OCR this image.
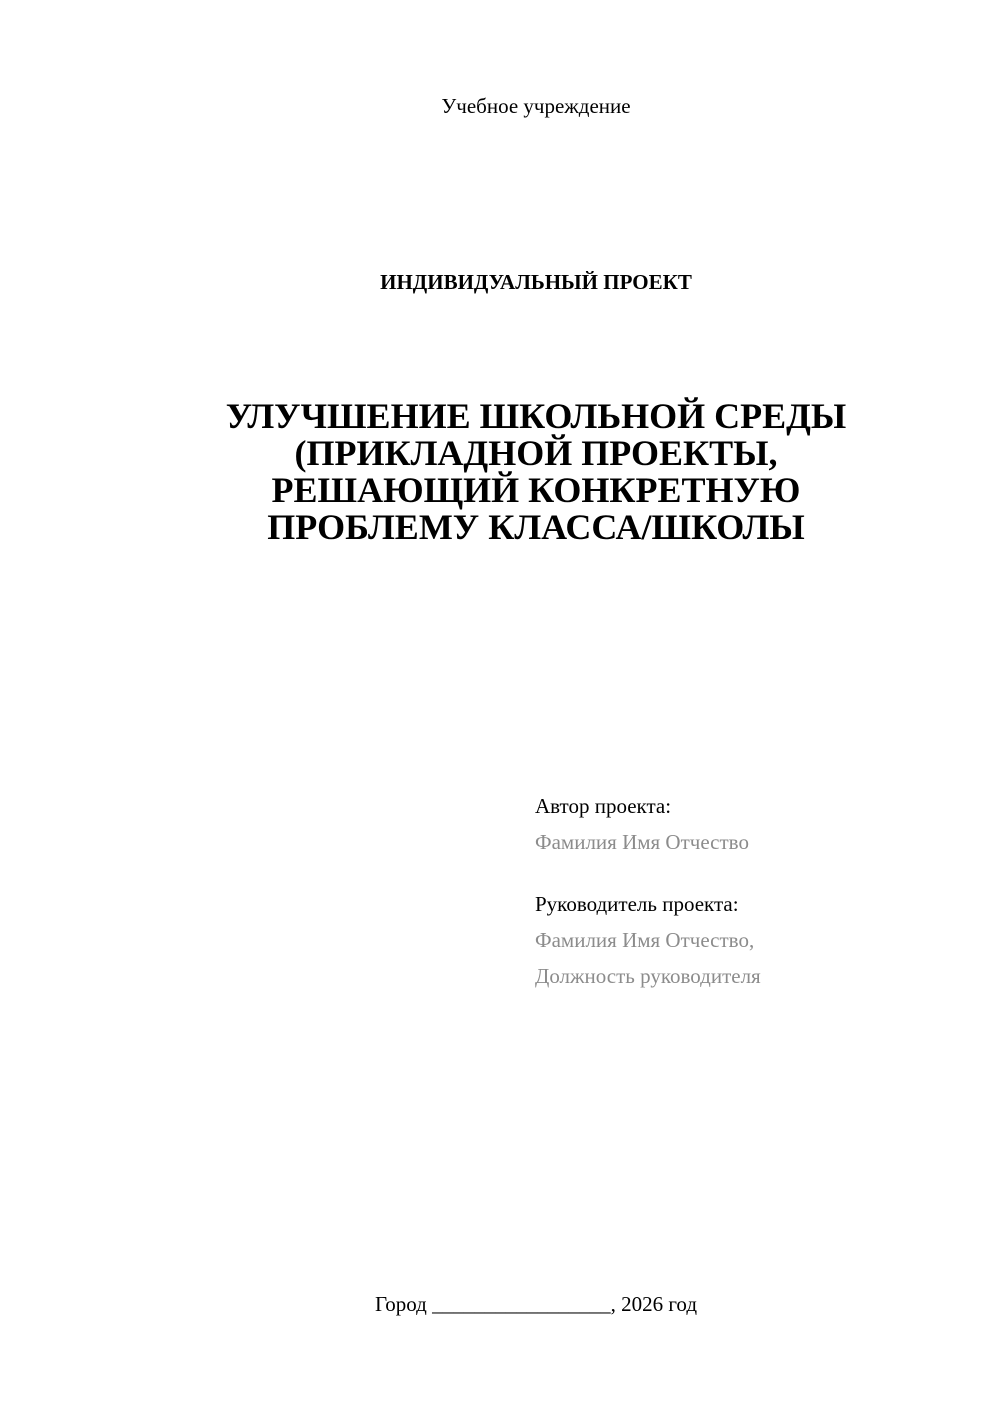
Учебное учреждение
ИНДИВИДУАЛЬНЫЙ ПРОЕКТ
УЛУЧШЕНИЕ ШКОЛЬНОЙ СРЕДЫ
(ПРИКЛАДНОЙ ПРОЕКТЫ,
РЕШАЮЩИЙ КОНКРЕТНУЮ
ПРОБЛЕМУ КЛАССА/ШКОЛЫ
Автор проекта:
Фамилия Имя Отчество
Руководитель проекта:
Фамилия Имя Отчество,
Должность руководителя
Город _________________, 2026 год
